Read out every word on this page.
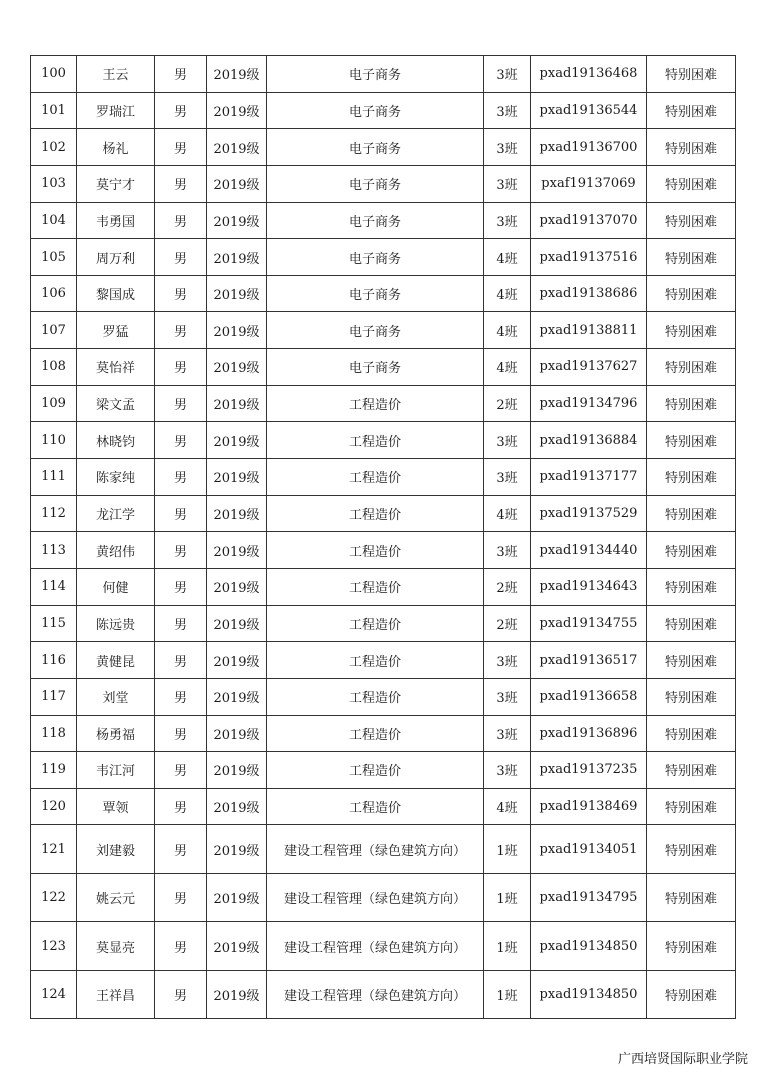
100	王云	男	2019级	电子商务	3班	pxad19136468	特别困难
101	罗瑞江	男	2019级	电子商务	3班	pxad19136544	特别困难
102	杨礼	男	2019级	电子商务	3班	pxad19136700	特别困难
103	莫宁才	男	2019级	电子商务	3班	pxaf19137069	特别困难
104	韦勇国	男	2019级	电子商务	3班	pxad19137070	特别困难
105	周万利	男	2019级	电子商务	4班	pxad19137516	特别困难
106	黎国成	男	2019级	电子商务	4班	pxad19138686	特别困难
107	罗猛	男	2019级	电子商务	4班	pxad19138811	特别困难
108	莫怡祥	男	2019级	电子商务	4班	pxad19137627	特别困难
109	梁文孟	男	2019级	工程造价	2班	pxad19134796	特别困难
110	林晓钧	男	2019级	工程造价	3班	pxad19136884	特别困难
111	陈家纯	男	2019级	工程造价	3班	pxad19137177	特别困难
112	龙江学	男	2019级	工程造价	4班	pxad19137529	特别困难
113	黄绍伟	男	2019级	工程造价	3班	pxad19134440	特别困难
114	何健	男	2019级	工程造价	2班	pxad19134643	特别困难
115	陈远贵	男	2019级	工程造价	2班	pxad19134755	特别困难
116	黄健昆	男	2019级	工程造价	3班	pxad19136517	特别困难
117	刘堂	男	2019级	工程造价	3班	pxad19136658	特别困难
118	杨勇福	男	2019级	工程造价	3班	pxad19136896	特别困难
119	韦江河	男	2019级	工程造价	3班	pxad19137235	特别困难
120	覃领	男	2019级	工程造价	4班	pxad19138469	特别困难
121	刘建毅	男	2019级	建设工程管理（绿色建筑方向）	1班	pxad19134051	特别困难
122	姚云元	男	2019级	建设工程管理（绿色建筑方向）	1班	pxad19134795	特别困难
123	莫显亮	男	2019级	建设工程管理（绿色建筑方向）	1班	pxad19134850	特别困难
124	王祥昌	男	2019级	建设工程管理（绿色建筑方向）	1班	pxad19134850	特别困难
广西培贤国际职业学院
